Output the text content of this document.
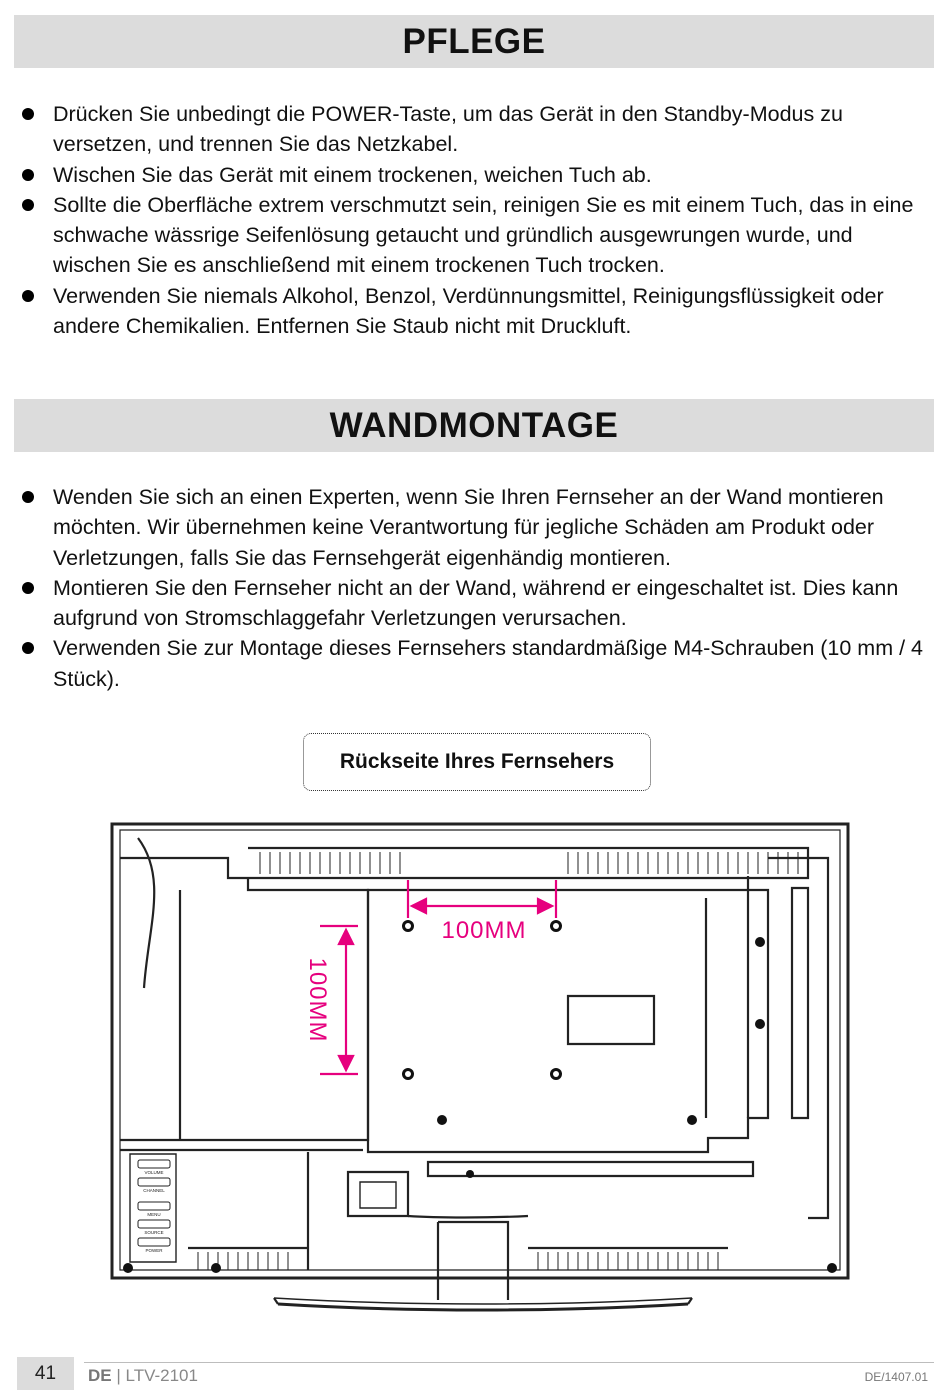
PFLEGE
Drücken Sie unbedingt die POWER-Taste, um das Gerät in den Standby-Modus zu versetzen, und trennen Sie das Netzkabel.
Wischen Sie das Gerät mit einem trockenen, weichen Tuch ab.
Sollte die Oberfläche extrem verschmutzt sein, reinigen Sie es mit einem Tuch, das in eine schwache wässrige Seifenlösung getaucht und gründlich ausgewrungen wurde, und wischen Sie es anschließend mit einem trockenen Tuch trocken.
Verwenden Sie niemals Alkohol, Benzol, Verdünnungsmittel, Reinigungsflüssigkeit oder andere Chemikalien. Entfernen Sie Staub nicht mit Druckluft.
WANDMONTAGE
Wenden Sie sich an einen Experten, wenn Sie Ihren Fernseher an der Wand montieren möchten. Wir übernehmen keine Verantwortung für jegliche Schäden am Produkt oder Verletzungen, falls Sie das Fernsehgerät eigenhändig montieren.
Montieren Sie den Fernseher nicht an der Wand, während er eingeschaltet ist. Dies kann aufgrund von Stromschlaggefahr Verletzungen verursachen.
Verwenden Sie zur Montage dieses Fernsehers standardmäßige M4-Schrauben (10 mm / 4 Stück).
Rückseite Ihres Fernsehers
100MM
100MM
VOLUME
CHANNEL
MENU
SOURCE
POWER
41	DE | LTV-2101	DE/1407.01
